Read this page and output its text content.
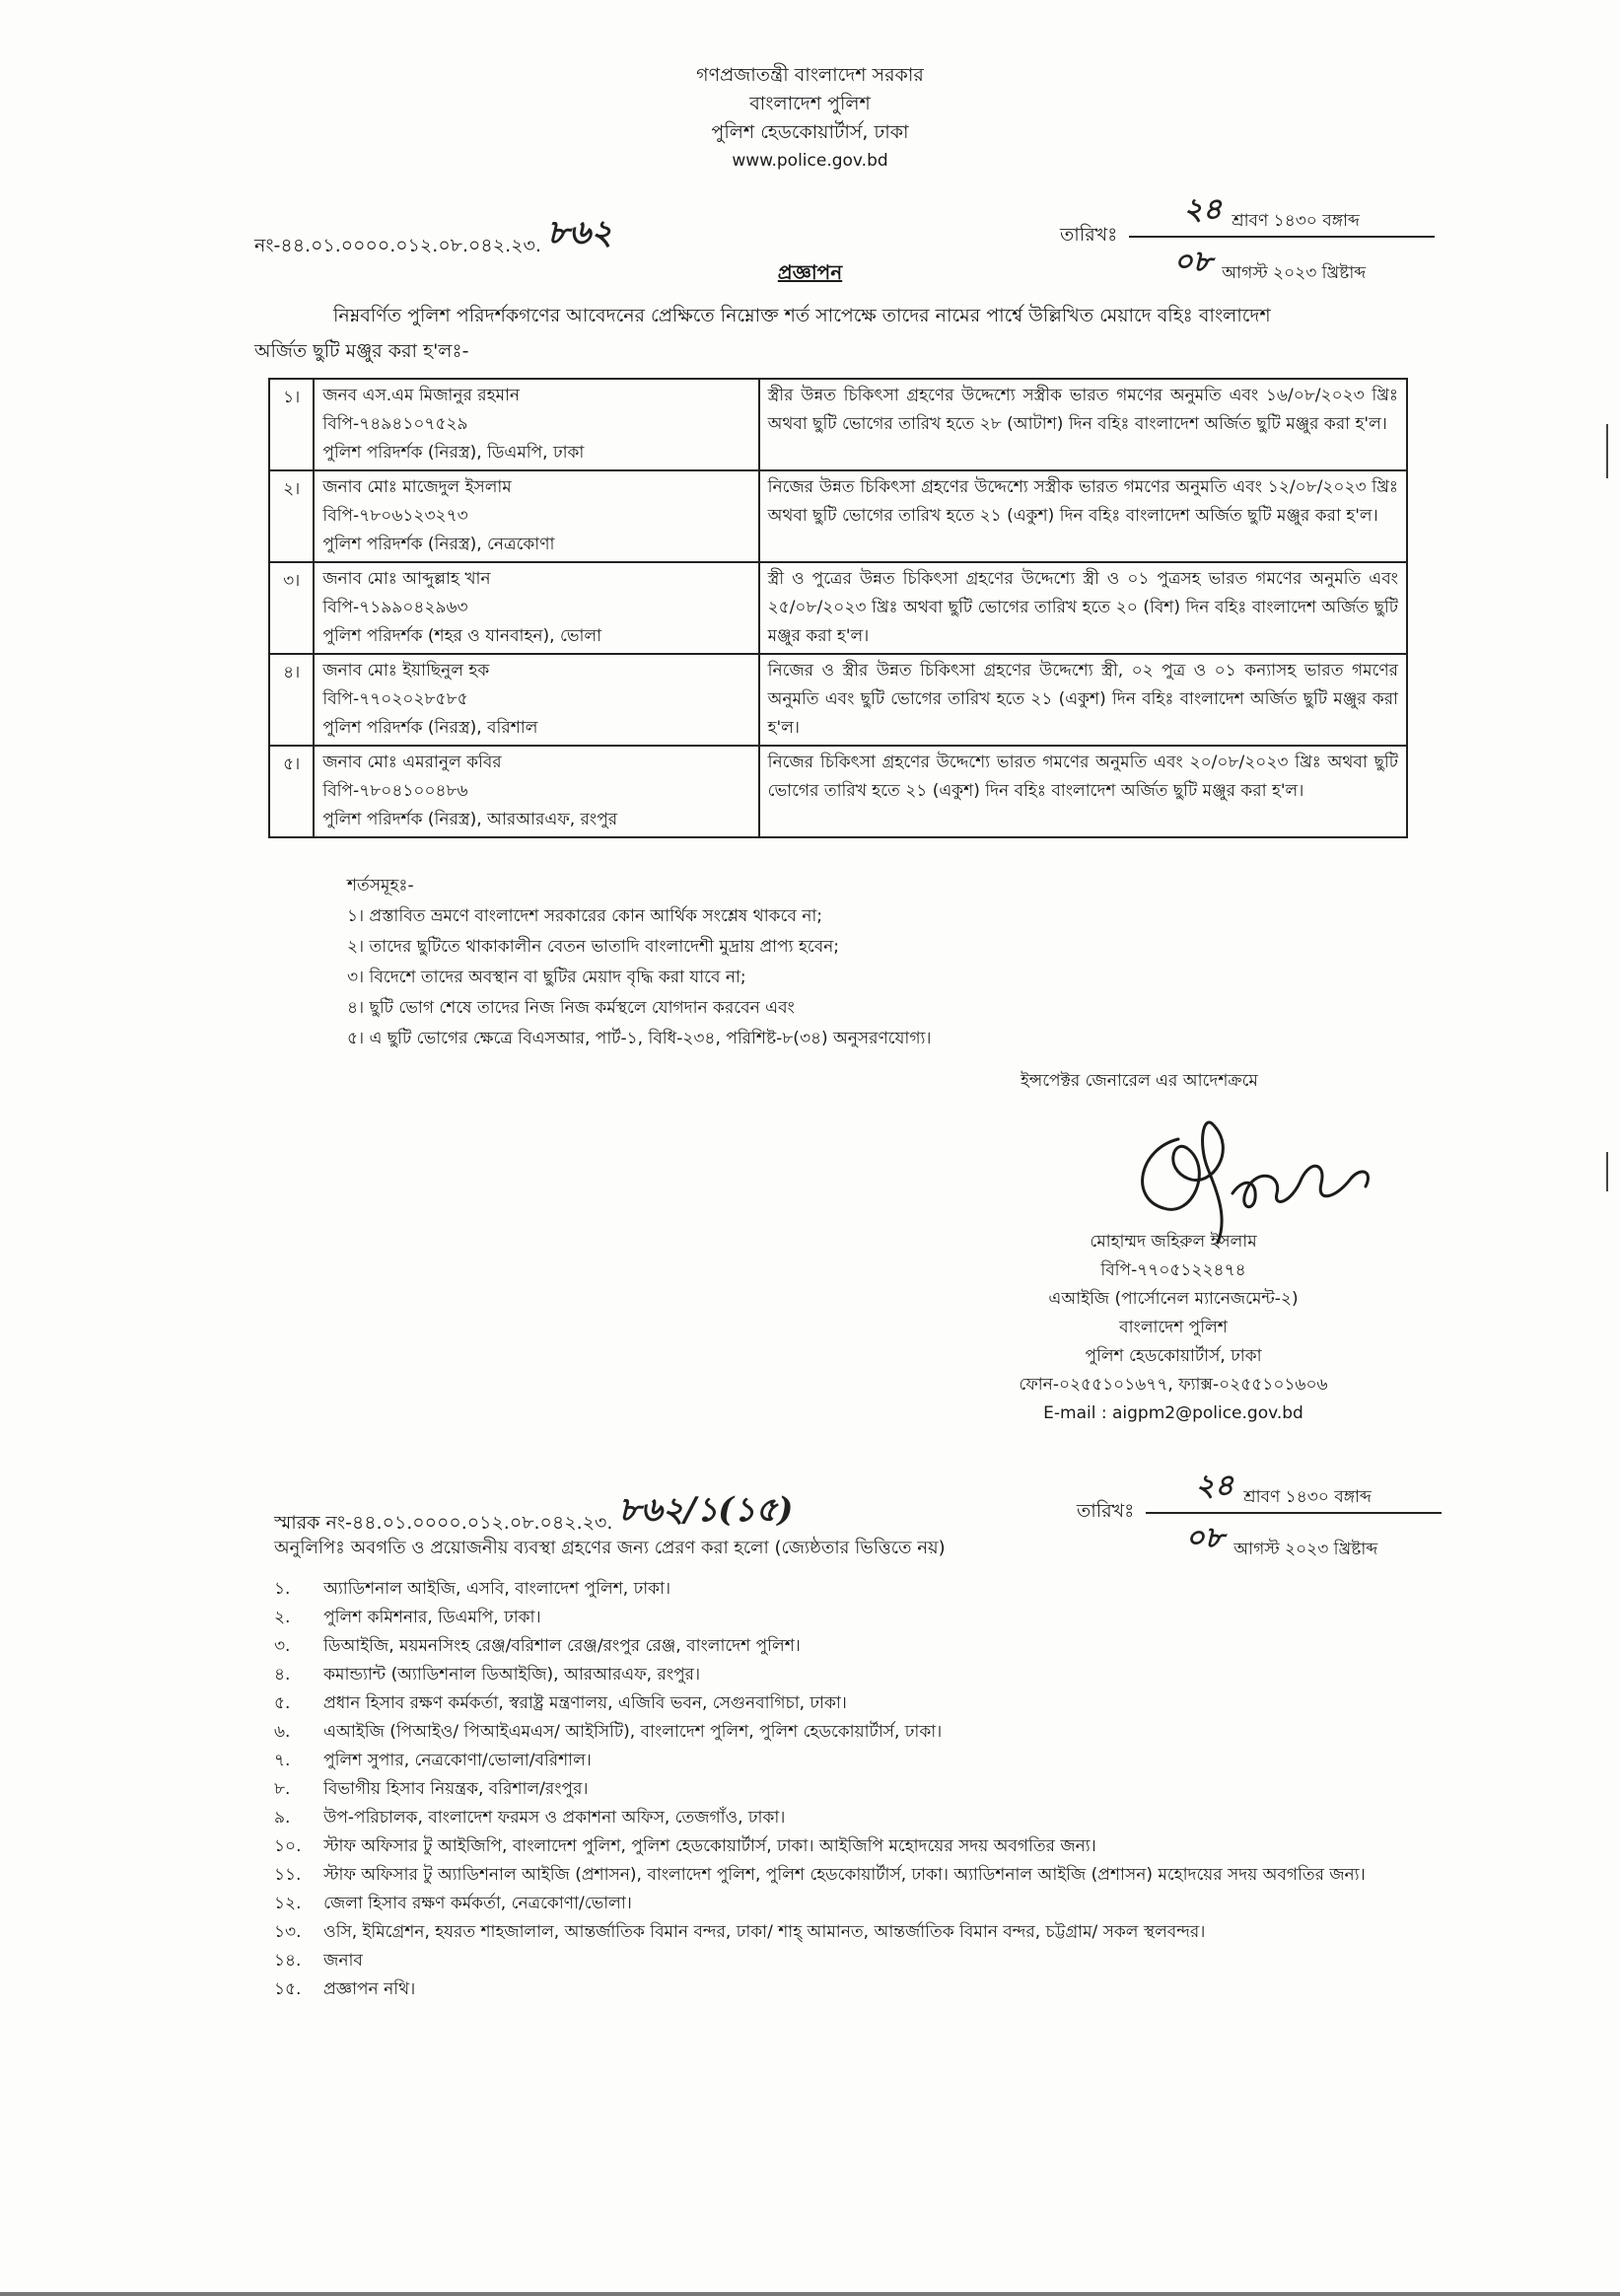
গণপ্রজাতন্ত্রী বাংলাদেশ সরকার
বাংলাদেশ পুলিশ
পুলিশ হেডকোয়ার্টার্স, ঢাকা
www.police.gov.bd
নং-৪৪.০১.০০০০.০১২.০৮.০৪২.২৩. ৮৬২	তারিখঃ
২৪ শ্রাবণ ১৪৩০ বঙ্গাব্দ
০৮ আগস্ট ২০২৩ খ্রিষ্টাব্দ
প্রজ্ঞাপন
নিম্নবর্ণিত পুলিশ পরিদর্শকগণের আবেদনের প্রেক্ষিতে নিম্নোক্ত শর্ত সাপেক্ষে তাদের নামের পার্শ্বে উল্লিখিত মেয়াদে বহিঃ বাংলাদেশ
অর্জিত ছুটি মঞ্জুর করা হ'লঃ-
১।	জনব এস.এম মিজানুর রহমান
বিপি-৭৪৯৪১০৭৫২৯
পুলিশ পরিদর্শক (নিরস্ত্র), ডিএমপি, ঢাকা	স্ত্রীর উন্নত চিকিৎসা গ্রহণের উদ্দেশ্যে সস্ত্রীক ভারত গমণের অনুমতি এবং ১৬/০৮/২০২৩ খ্রিঃ অথবা ছুটি ভোগের তারিখ হতে ২৮ (আটাশ) দিন বহিঃ বাংলাদেশ অর্জিত ছুটি মঞ্জুর করা হ'ল।
২।	জনাব মোঃ মাজেদুল ইসলাম
বিপি-৭৮০৬১২৩২৭৩
পুলিশ পরিদর্শক (নিরস্ত্র), নেত্রকোণা	নিজের উন্নত চিকিৎসা গ্রহণের উদ্দেশ্যে সস্ত্রীক ভারত গমণের অনুমতি এবং ১২/০৮/২০২৩ খ্রিঃ অথবা ছুটি ভোগের তারিখ হতে ২১ (একুশ) দিন বহিঃ বাংলাদেশ অর্জিত ছুটি মঞ্জুর করা হ'ল।
৩।	জনাব মোঃ আব্দুল্লাহ খান
বিপি-৭১৯৯০৪২৯৬৩
পুলিশ পরিদর্শক (শহর ও যানবাহন), ভোলা	স্ত্রী ও পুত্রের উন্নত চিকিৎসা গ্রহণের উদ্দেশ্যে স্ত্রী ও ০১ পুত্রসহ ভারত গমণের অনুমতি এবং ২৫/০৮/২০২৩ খ্রিঃ অথবা ছুটি ভোগের তারিখ হতে ২০ (বিশ) দিন বহিঃ বাংলাদেশ অর্জিত ছুটি মঞ্জুর করা হ'ল।
৪।	জনাব মোঃ ইয়াছিনুল হক
বিপি-৭৭০২০২৮৫৮৫
পুলিশ পরিদর্শক (নিরস্ত্র), বরিশাল	নিজের ও স্ত্রীর উন্নত চিকিৎসা গ্রহণের উদ্দেশ্যে স্ত্রী, ০২ পুত্র ও ০১ কন্যাসহ ভারত গমণের অনুমতি এবং ছুটি ভোগের তারিখ হতে ২১ (একুশ) দিন বহিঃ বাংলাদেশ অর্জিত ছুটি মঞ্জুর করা হ'ল।
৫।	জনাব মোঃ এমরানুল কবির
বিপি-৭৮০৪১০০৪৮৬
পুলিশ পরিদর্শক (নিরস্ত্র), আরআরএফ, রংপুর	নিজের চিকিৎসা গ্রহণের উদ্দেশ্যে ভারত গমণের অনুমতি এবং ২০/০৮/২০২৩ খ্রিঃ অথবা ছুটি ভোগের তারিখ হতে ২১ (একুশ) দিন বহিঃ বাংলাদেশ অর্জিত ছুটি মঞ্জুর করা হ'ল।
শর্তসমূহঃ-
১। প্রস্তাবিত ভ্রমণে বাংলাদেশ সরকারের কোন আর্থিক সংশ্লেষ থাকবে না;
২। তাদের ছুটিতে থাকাকালীন বেতন ভাতাদি বাংলাদেশী মুদ্রায় প্রাপ্য হবেন;
৩। বিদেশে তাদের অবস্থান বা ছুটির মেয়াদ বৃদ্ধি করা যাবে না;
৪। ছুটি ভোগ শেষে তাদের নিজ নিজ কর্মস্থলে যোগদান করবেন এবং
৫। এ ছুটি ভোগের ক্ষেত্রে বিএসআর, পার্ট-১, বিধি-২৩৪, পরিশিষ্ট-৮(৩৪) অনুসরণযোগ্য।
ইন্সপেক্টর জেনারেল এর আদেশক্রমে
মোহাম্মদ জহিরুল ইসলাম
বিপি-৭৭০৫১২২৪৭৪
এআইজি (পার্সোনেল ম্যানেজমেন্ট-২)
বাংলাদেশ পুলিশ
পুলিশ হেডকোয়ার্টার্স, ঢাকা
ফোন-০২৫৫১০১৬৭৭, ফ্যাক্স-০২৫৫১০১৬০৬
E-mail : aigpm2@police.gov.bd
স্মারক নং-৪৪.০১.০০০০.০১২.০৮.০৪২.২৩. ৮৬২/১(১৫)	তারিখঃ
২৪ শ্রাবণ ১৪৩০ বঙ্গাব্দ
০৮ আগস্ট ২০২৩ খ্রিষ্টাব্দ
অনুলিপিঃ অবগতি ও প্রয়োজনীয় ব্যবস্থা গ্রহণের জন্য প্রেরণ করা হলো (জ্যেষ্ঠতার ভিত্তিতে নয়)
১.	অ্যাডিশনাল আইজি, এসবি, বাংলাদেশ পুলিশ, ঢাকা।
২.	পুলিশ কমিশনার, ডিএমপি, ঢাকা।
৩.	ডিআইজি, ময়মনসিংহ রেঞ্জ/বরিশাল রেঞ্জ/রংপুর রেঞ্জ, বাংলাদেশ পুলিশ।
৪.	কমান্ড্যান্ট (অ্যাডিশনাল ডিআইজি), আরআরএফ, রংপুর।
৫.	প্রধান হিসাব রক্ষণ কর্মকর্তা, স্বরাষ্ট্র মন্ত্রণালয়, এজিবি ভবন, সেগুনবাগিচা, ঢাকা।
৬.	এআইজি (পিআইও/ পিআইএমএস/ আইসিটি), বাংলাদেশ পুলিশ, পুলিশ হেডকোয়ার্টার্স, ঢাকা।
৭.	পুলিশ সুপার, নেত্রকোণা/ভোলা/বরিশাল।
৮.	বিভাগীয় হিসাব নিয়ন্ত্রক, বরিশাল/রংপুর।
৯.	উপ-পরিচালক, বাংলাদেশ ফরমস ও প্রকাশনা অফিস, তেজগাঁও, ঢাকা।
১০.	স্টাফ অফিসার টু আইজিপি, বাংলাদেশ পুলিশ, পুলিশ হেডকোয়ার্টার্স, ঢাকা। আইজিপি মহোদয়ের সদয় অবগতির জন্য।
১১.	স্টাফ অফিসার টু অ্যাডিশনাল আইজি (প্রশাসন), বাংলাদেশ পুলিশ, পুলিশ হেডকোয়ার্টার্স, ঢাকা। অ্যাডিশনাল আইজি (প্রশাসন) মহোদয়ের সদয় অবগতির জন্য।
১২.	জেলা হিসাব রক্ষণ কর্মকর্তা, নেত্রকোণা/ভোলা।
১৩.	ওসি, ইমিগ্রেশন, হযরত শাহজালাল, আন্তর্জাতিক বিমান বন্দর, ঢাকা/ শাহ্ আমানত, আন্তর্জাতিক বিমান বন্দর, চট্টগ্রাম/ সকল স্থলবন্দর।
১৪.	জনাব
১৫.	প্রজ্ঞাপন নথি।
